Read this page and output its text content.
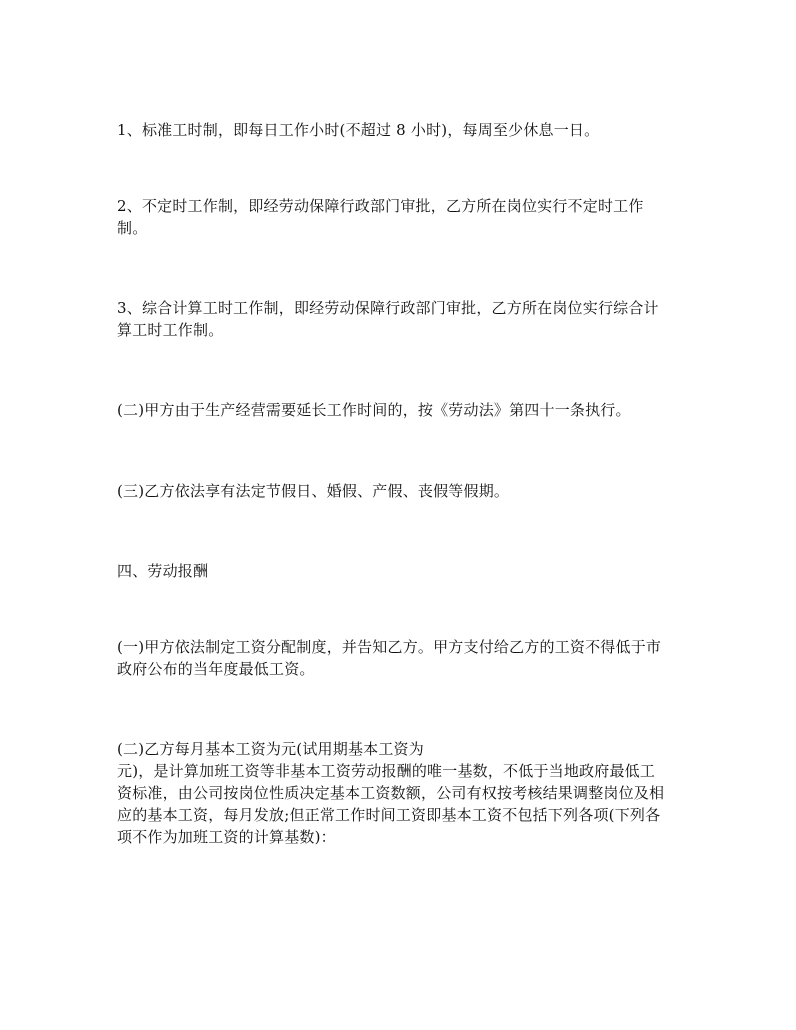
1、标准工时制，即每日工作小时(不超过 8 小时)，每周至少休息一日。
2、不定时工作制，即经劳动保障行政部门审批，乙方所在岗位实行不定时工作
制。
3、综合计算工时工作制，即经劳动保障行政部门审批，乙方所在岗位实行综合计
算工时工作制。
(二)甲方由于生产经营需要延长工作时间的，按《劳动法》第四十一条执行。
(三)乙方依法享有法定节假日、婚假、产假、丧假等假期。
四、劳动报酬
(一)甲方依法制定工资分配制度，并告知乙方。甲方支付给乙方的工资不得低于市
政府公布的当年度最低工资。
(二)乙方每月基本工资为元(试用期基本工资为
元)，是计算加班工资等非基本工资劳动报酬的唯一基数，不低于当地政府最低工
资标准，由公司按岗位性质决定基本工资数额，公司有权按考核结果调整岗位及相
应的基本工资，每月发放;但正常工作时间工资即基本工资不包括下列各项(下列各
项不作为加班工资的计算基数)：
